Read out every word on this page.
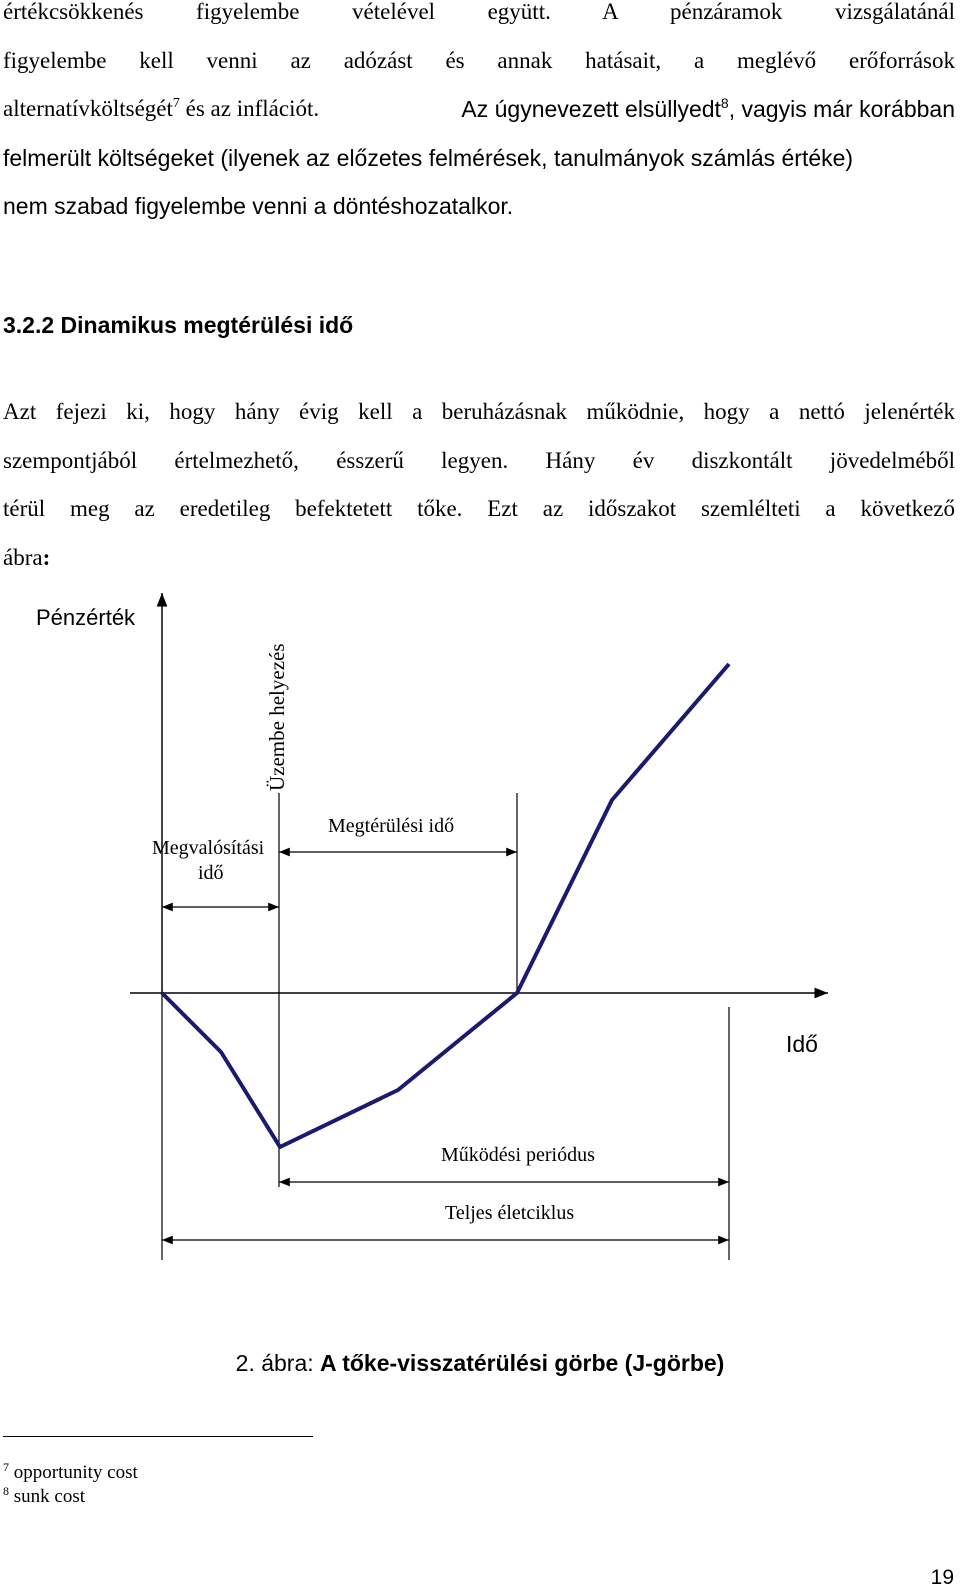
értékcsökkenés figyelembe vételével együtt. A pénzáramok vizsgálatánál
figyelembe kell venni az adózást és annak hatásait, a meglévő erőforrások
alternatívköltségét$^7$ és az inflációt.	Az úgynevezett elsüllyedt$^8$, vagyis már korábban
felmerült költségeket (ilyenek az előzetes felmérések, tanulmányok számlás értéke)
nem szabad figyelembe venni a döntéshozatalkor.
3.2.2 Dinamikus megtérülési idő
Azt fejezi ki, hogy hány évig kell a beruházásnak működnie, hogy a nettó jelenérték
szempontjából értelmezhető, ésszerű legyen. Hány év diszkontált jövedelméből
térül meg az eredetileg befektetett tőke. Ezt az időszakot szemlélteti a következő
ábra:
Pénzérték
Idő
Üzembe helyezés
Megvalósítási
idő
Megtérülési idő
Működési periódus
Teljes életciklus
2. ábra: A tőke-visszatérülési görbe (J-görbe)
$^7$ opportunity cost
$^8$ sunk cost
19
